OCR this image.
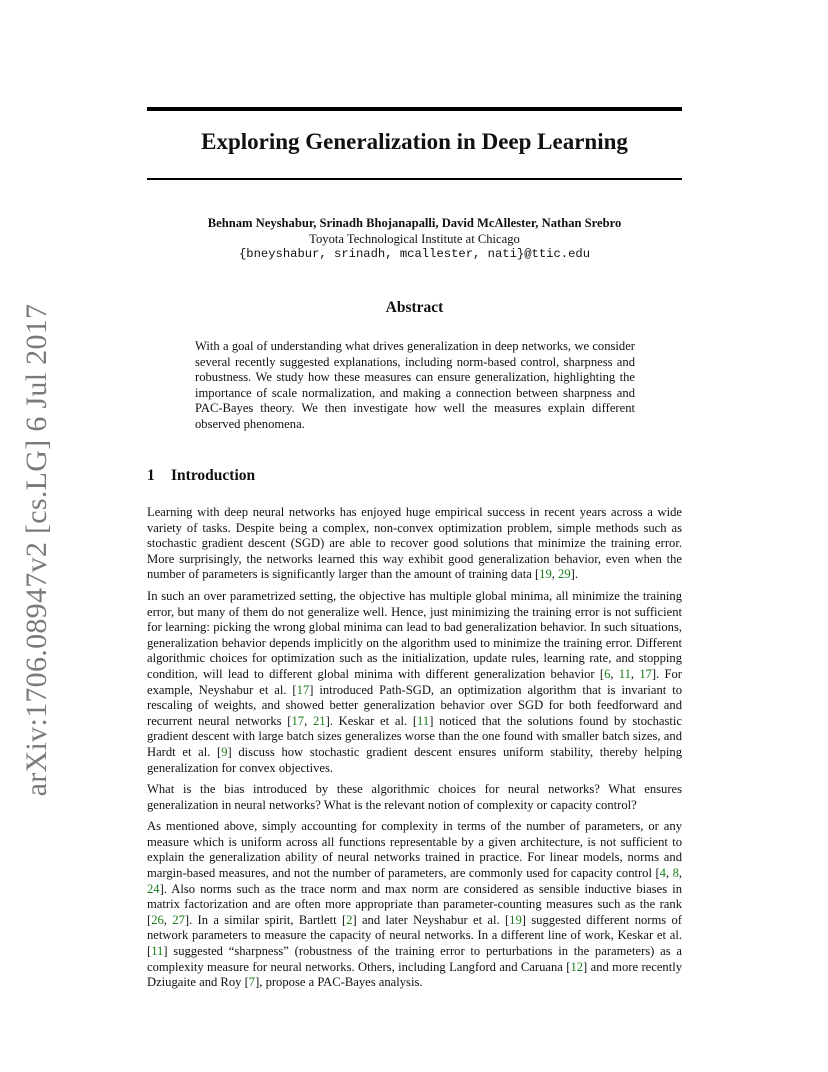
arXiv:1706.08947v2 [cs.LG] 6 Jul 2017
Exploring Generalization in Deep Learning
Behnam Neyshabur, Srinadh Bhojanapalli, David McAllester, Nathan Srebro
Toyota Technological Institute at Chicago
{bneyshabur, srinadh, mcallester, nati}@ttic.edu
Abstract

With a goal of understanding what drives generalization in deep networks, we consider several recently suggested explanations, including norm-based control, sharpness and robustness. We study how these measures can ensure generalization, highlighting the importance of scale normalization, and making a connection between sharpness and PAC-Bayes theory. We then investigate how well the measures explain different observed phenomena.

1 Introduction

Learning with deep neural networks has enjoyed huge empirical success in recent years across a wide variety of tasks. Despite being a complex, non-convex optimization problem, simple methods such as stochastic gradient descent (SGD) are able to recover good solutions that minimize the training error. More surprisingly, the networks learned this way exhibit good generalization behavior, even when the number of parameters is significantly larger than the amount of training data [19, 29].

In such an over parametrized setting, the objective has multiple global minima, all minimize the training error, but many of them do not generalize well. Hence, just minimizing the training error is not sufficient for learning: picking the wrong global minima can lead to bad generalization behavior. In such situations, generalization behavior depends implicitly on the algorithm used to minimize the training error. Different algorithmic choices for optimization such as the initialization, update rules, learning rate, and stopping condition, will lead to different global minima with different generalization behavior [6, 11, 17]. For example, Neyshabur et al. [17] introduced Path-SGD, an optimization algorithm that is invariant to rescaling of weights, and showed better generalization behavior over SGD for both feedforward and recurrent neural networks [17, 21]. Keskar et al. [11] noticed that the solutions found by stochastic gradient descent with large batch sizes generalizes worse than the one found with smaller batch sizes, and Hardt et al. [9] discuss how stochastic gradient descent ensures uniform stability, thereby helping generalization for convex objectives.

What is the bias introduced by these algorithmic choices for neural networks? What ensures generalization in neural networks? What is the relevant notion of complexity or capacity control?

As mentioned above, simply accounting for complexity in terms of the number of parameters, or any measure which is uniform across all functions representable by a given architecture, is not sufficient to explain the generalization ability of neural networks trained in practice. For linear models, norms and margin-based measures, and not the number of parameters, are commonly used for capacity control [4, 8, 24]. Also norms such as the trace norm and max norm are considered as sensible inductive biases in matrix factorization and are often more appropriate than parameter-counting measures such as the rank [26, 27]. In a similar spirit, Bartlett [2] and later Neyshabur et al. [19] suggested different norms of network parameters to measure the capacity of neural networks. In a different line of work, Keskar et al. [11] suggested “sharpness” (robustness of the training error to perturbations in the parameters) as a complexity measure for neural networks. Others, including Langford and Caruana [12] and more recently Dziugaite and Roy [7], propose a PAC-Bayes analysis.
